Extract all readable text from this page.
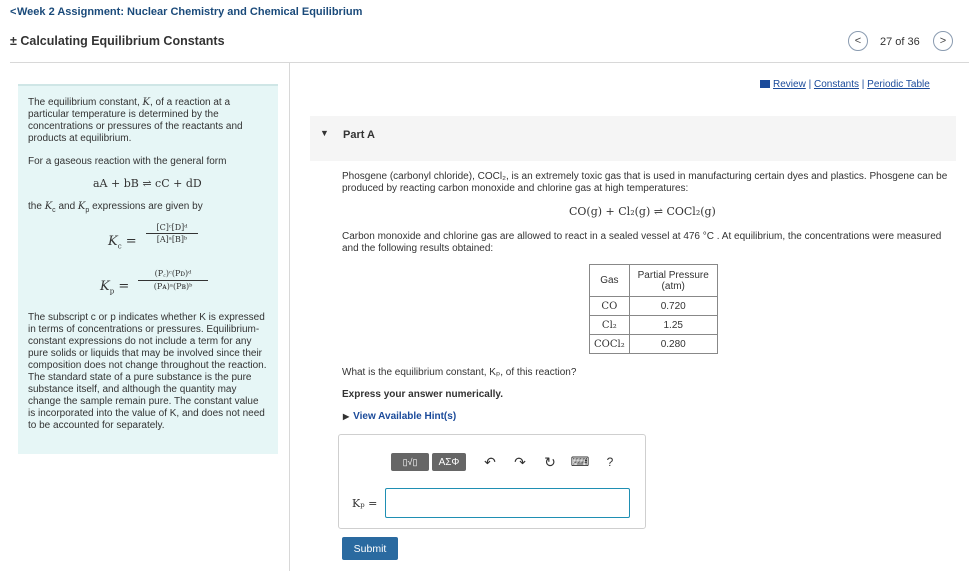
< Week 2 Assignment: Nuclear Chemistry and Chemical Equilibrium
± Calculating Equilibrium Constants	< 27 of 36 >

The equilibrium constant, K, of a reaction at a particular temperature is determined by the concentrations or pressures of the reactants and products at equilibrium.

For a gaseous reaction with the general form

aA + bB ⇌ cC + dD

the $K_c$ and $K_p$ expressions are given by

$K_c = \frac{\text{[C]ᶜ[D]ᵈ}}{\text{[A]ᵃ[B]ᵇ}}$
$K_p = \frac{\text{(P꜀)ᶜ(Pᴅ)ᵈ}}{\text{(Pᴀ)ᵃ(Pʙ)ᵇ}}$

The subscript c or p indicates whether K is expressed in terms of concentrations or pressures. Equilibrium-constant expressions do not include a term for any pure solids or liquids that may be involved since their composition does not change throughout the reaction. The standard state of a pure substance is the pure substance itself, and although the quantity may change the sample remain pure. The constant value is incorporated into the value of K, and does not need to be accounted for separately.

Review | Constants | Periodic Table
▼ Part A
Phosgene (carbonyl chloride), COCl₂, is an extremely toxic gas that is used in manufacturing certain dyes and plastics. Phosgene can be produced by reacting carbon monoxide and chlorine gas at high temperatures:
CO(g) + Cl₂(g) ⇌ COCl₂(g)
Carbon monoxide and chlorine gas are allowed to react in a sealed vessel at 476 °C . At equilibrium, the concentrations were measured and the following results obtained:
Gas	Partial Pressure
(atm)

CO	0.720
Cl₂	1.25
COCl₂	0.280
What is the equilibrium constant, Kₚ, of this reaction?
Express your answer numerically.
▶ View Available Hint(s)
▯√▯	ΑΣΦ	↶ ↷ ↻ ⌨	?
Kₚ =
Submit
